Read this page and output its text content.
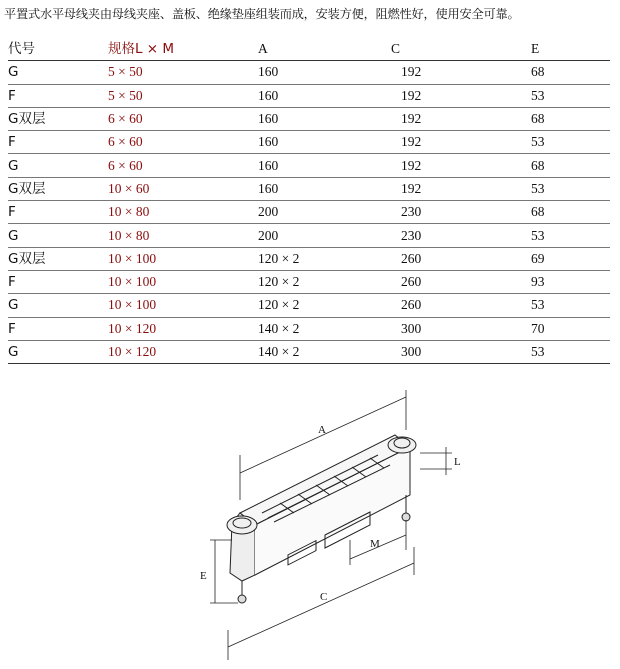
平置式水平母线夹由母线夹座、盖板、绝缘垫座组装而成，安装方便，阻燃性好，使用安全可靠。
代号	规格L × M	A	C	E
G	5 × 50	160	192	68
F	5 × 50	160	192	53
G双层	6 × 60	160	192	68
F	6 × 60	160	192	53
G	6 × 60	160	192	68
G双层	10 × 60	160	192	53
F	10 × 80	200	230	68
G	10 × 80	200	230	53
G双层	10 × 100	120 × 2	260	69
F	10 × 100	120 × 2	260	93
G	10 × 100	120 × 2	260	53
F	10 × 120	140 × 2	300	70
G	10 × 120	140 × 2	300	53
A
L
M
E
C
